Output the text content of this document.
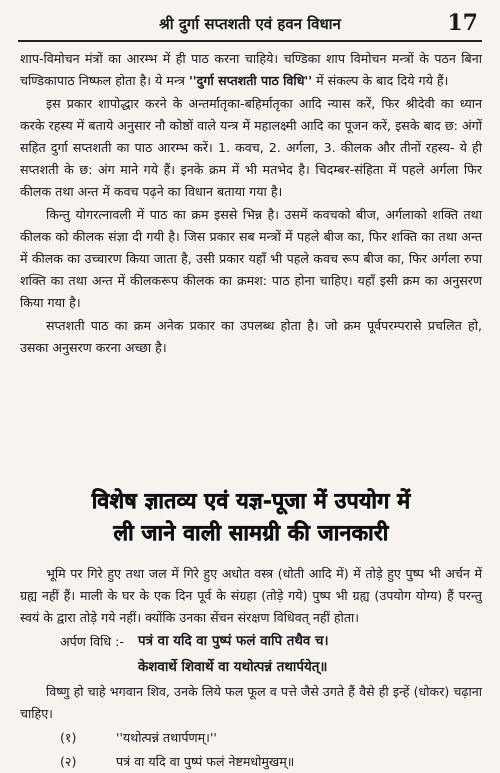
श्री दुर्गा सप्तशती एवं हवन विधान	17

शाप-विमोचन मंत्रों का आरम्भ में ही पाठ करना चाहिये। चण्डिका शाप विमोचन मन्त्रों के पठन बिना चण्डिकापाठ निष्फल होता है। ये मन्त्र ''दुर्गा सप्तशती पाठ विधि'' में संकल्प के बाद दिये गये हैं।

इस प्रकार शापोद्धार करने के अन्तर्मातृका-बहिर्मातृका आदि न्यास करें, फिर श्रीदेवी का ध्यान करके रहस्य में बताये अनुसार नौ कोष्ठों वाले यन्त्र में महालक्ष्मी आदि का पूजन करें, इसके बाद छ: अंगों सहित दुर्गा सप्तशती का पाठ आरम्भ करें। 1. कवच, 2. अर्गला, 3. कीलक और तीनों रहस्य- ये ही सप्तशती के छ: अंग माने गये हैं। इनके क्रम में भी मतभेद है। चिदम्बर-संहिता में पहले अर्गला फिर कीलक तथा अन्त में कवच पढ़ने का विधान बताया गया है।

किन्तु योगरत्नावली में पाठ का क्रम इससे भिन्न है। उसमें कवचको बीज, अर्गलाको शक्ति तथा कीलक को कीलक संज्ञा दी गयी है। जिस प्रकार सब मन्त्रों में पहले बीज का, फिर शक्ति का तथा अन्त में कीलक का उच्चारण किया जाता है, उसी प्रकार यहाँ भी पहले कवच रूप बीज का, फिर अर्गला रुपा शक्ति का तथा अन्त में कीलकरूप कीलक का क्रमश: पाठ होना चाहिए। यहाँ इसी क्रम का अनुसरण किया गया है।

सप्तशती पाठ का क्रम अनेक प्रकार का उपलब्ध होता है। जो क्रम पूर्वपरम्परासे प्रचलित हो, उसका अनुसरण करना अच्छा है।

विशेष ज्ञातव्य एवं यज्ञ-पूजा में उपयोग में
ली जाने वाली सामग्री की जानकारी

भूमि पर गिरे हुए तथा जल में गिरे हुए अधोत वस्त्र (धोती आदि में) में तोड़े हुए पुष्प भी अर्चन में ग्रह्य नहीं हैं। माली के घर के एक दिन पूर्व के संग्रहा (तोड़े गये) पुष्प भी ग्रह्य (उपयोग योग्य) हैं परन्तु स्वयं के द्वारा तोड़े गये नहीं। क्योंकि उनका सेंचन संरक्षण विधिवत् नहीं होता।

अर्पण विधि :- पत्रं वा यदि वा पुष्पं फलं वापि तथैव च।
केशवार्थे शिवार्थे वा यथोत्पन्नं तथार्पयेत्॥

विष्णु हो चाहे भगवान शिव, उनके लिये फल फूल व पत्ते जैसे उगते हैं वैसे ही इन्हें (धोकर) चढ़ाना चाहिए।

(१)	''यथोत्पन्नं तथार्पणम्।''
(२)	पत्रं वा यदि वा पुष्पं फलं नेष्टमधोमुखम्॥
